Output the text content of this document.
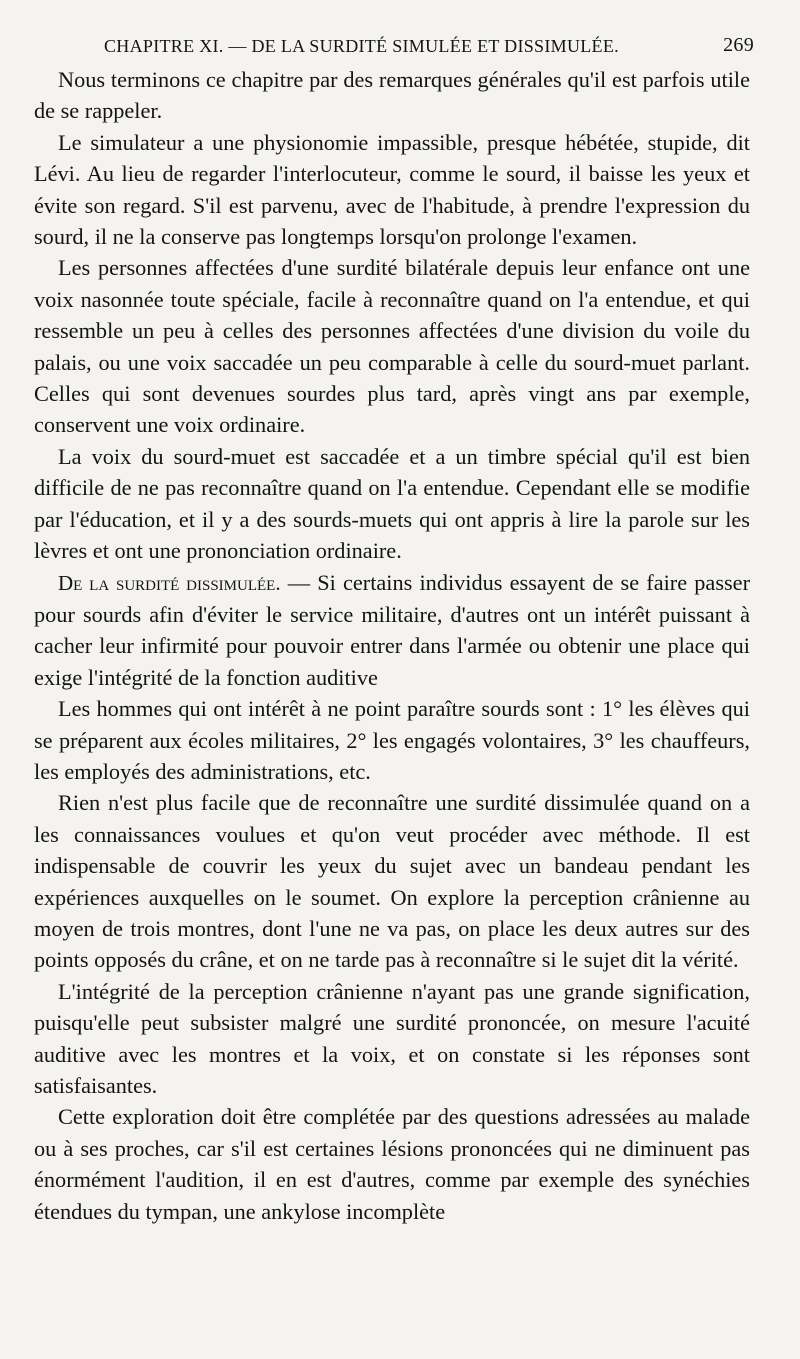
CHAPITRE XI. — DE LA SURDITÉ SIMULÉE ET DISSIMULÉE.	269

Nous terminons ce chapitre par des remarques générales qu'il est parfois utile de se rappeler.

Le simulateur a une physionomie impassible, presque hébétée, stupide, dit Lévi. Au lieu de regarder l'interlocuteur, comme le sourd, il baisse les yeux et évite son regard. S'il est parvenu, avec de l'habitude, à prendre l'expression du sourd, il ne la conserve pas longtemps lorsqu'on prolonge l'examen.

Les personnes affectées d'une surdité bilatérale depuis leur enfance ont une voix nasonnée toute spéciale, facile à reconnaître quand on l'a entendue, et qui ressemble un peu à celles des personnes affectées d'une division du voile du palais, ou une voix saccadée un peu comparable à celle du sourd-muet parlant. Celles qui sont devenues sourdes plus tard, après vingt ans par exemple, conservent une voix ordinaire.

La voix du sourd-muet est saccadée et a un timbre spécial qu'il est bien difficile de ne pas reconnaître quand on l'a entendue. Cependant elle se modifie par l'éducation, et il y a des sourds-muets qui ont appris à lire la parole sur les lèvres et ont une prononciation ordinaire.

De la surdité dissimulée. — Si certains individus essayent de se faire passer pour sourds afin d'éviter le service militaire, d'autres ont un intérêt puissant à cacher leur infirmité pour pouvoir entrer dans l'armée ou obtenir une place qui exige l'intégrité de la fonction auditive

Les hommes qui ont intérêt à ne point paraître sourds sont : 1° les élèves qui se préparent aux écoles militaires, 2° les engagés volontaires, 3° les chauffeurs, les employés des administrations, etc.

Rien n'est plus facile que de reconnaître une surdité dissimulée quand on a les connaissances voulues et qu'on veut procéder avec méthode. Il est indispensable de couvrir les yeux du sujet avec un bandeau pendant les expériences auxquelles on le soumet. On explore la perception crânienne au moyen de trois montres, dont l'une ne va pas, on place les deux autres sur des points opposés du crâne, et on ne tarde pas à reconnaître si le sujet dit la vérité.

L'intégrité de la perception crânienne n'ayant pas une grande signification, puisqu'elle peut subsister malgré une surdité prononcée, on mesure l'acuité auditive avec les montres et la voix, et on constate si les réponses sont satisfaisantes.

Cette exploration doit être complétée par des questions adressées au malade ou à ses proches, car s'il est certaines lésions prononcées qui ne diminuent pas énormément l'audition, il en est d'autres, comme par exemple des synéchies étendues du tympan, une ankylose incomplète
